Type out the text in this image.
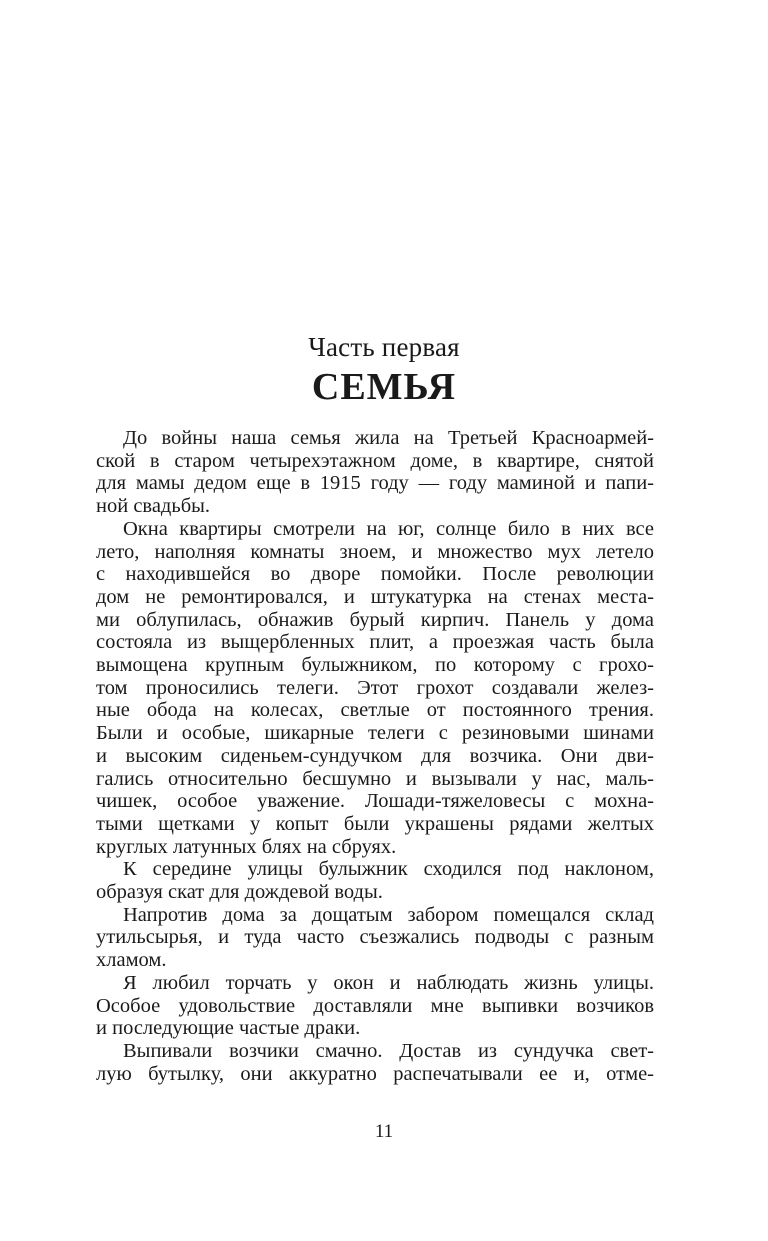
Часть первая
СЕМЬЯ
До войны наша семья жила на Третьей Красноармей-
ской в старом четырехэтажном доме, в квартире, снятой
для мамы дедом еще в 1915 году — году маминой и папи-
ной свадьбы.
Окна квартиры смотрели на юг, солнце било в них все
лето, наполняя комнаты зноем, и множество мух летело
с находившейся во дворе помойки. После революции
дом не ремонтировался, и штукатурка на стенах места-
ми облупилась, обнажив бурый кирпич. Панель у дома
состояла из выщербленных плит, а проезжая часть была
вымощена крупным булыжником, по которому с грохо-
том проносились телеги. Этот грохот создавали желез-
ные обода на колесах, светлые от постоянного трения.
Были и особые, шикарные телеги с резиновыми шинами
и высоким сиденьем-сундучком для возчика. Они дви-
гались относительно бесшумно и вызывали у нас, маль-
чишек, особое уважение. Лошади-тяжеловесы с мохна-
тыми щетками у копыт были украшены рядами желтых
круглых латунных блях на сбруях.
К середине улицы булыжник сходился под наклоном,
образуя скат для дождевой воды.
Напротив дома за дощатым забором помещался склад
утильсырья, и туда часто съезжались подводы с разным
хламом.
Я любил торчать у окон и наблюдать жизнь улицы.
Особое удовольствие доставляли мне выпивки возчиков
и последующие частые драки.
Выпивали возчики смачно. Достав из сундучка свет-
лую бутылку, они аккуратно распечатывали ее и, отме-
11
